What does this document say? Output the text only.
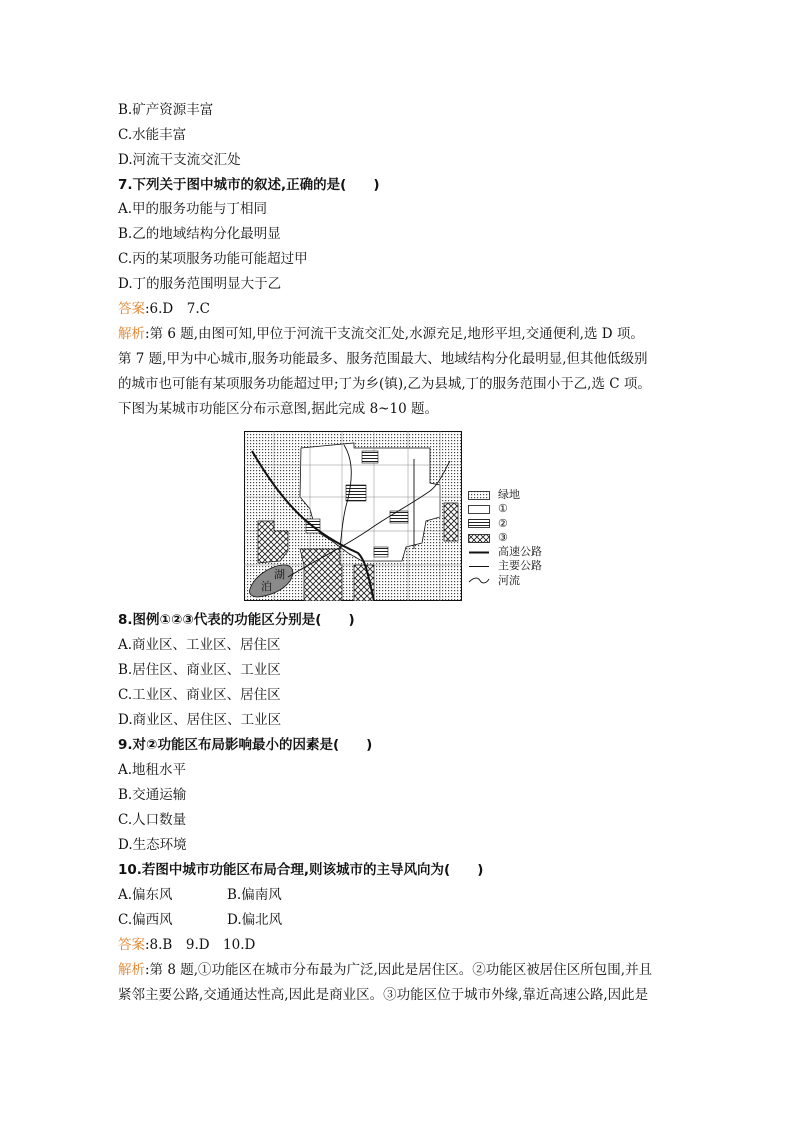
B.矿产资源丰富
C.水能丰富
D.河流干支流交汇处
7.下列关于图中城市的叙述,正确的是(　　)
A.甲的服务功能与丁相同
B.乙的地域结构分化最明显
C.丙的某项服务功能可能超过甲
D.丁的服务范围明显大于乙
答案:6.D　7.C
解析:第 6 题,由图可知,甲位于河流干支流交汇处,水源充足,地形平坦,交通便利,选 D 项。
第 7 题,甲为中心城市,服务功能最多、服务范围最大、地域结构分化最明显,但其他低级别
的城市也可能有某项服务功能超过甲;丁为乡(镇),乙为县城,丁的服务范围小于乙,选 C 项。
下图为某城市功能区分布示意图,据此完成 8~10 题。
湖
泊
绿地
①
②
③
高速公路
主要公路
河流
8.图例①②③代表的功能区分别是(　　)
A.商业区、工业区、居住区
B.居住区、商业区、工业区
C.工业区、商业区、居住区
D.商业区、居住区、工业区
9.对②功能区布局影响最小的因素是(　　)
A.地租水平
B.交通运输
C.人口数量
D.生态环境
10.若图中城市功能区布局合理,则该城市的主导风向为(　　)
A.偏东风	B.偏南风
C.偏西风	D.偏北风
答案:8.B　9.D　10.D
解析:第 8 题,①功能区在城市分布最为广泛,因此是居住区。②功能区被居住区所包围,并且
紧邻主要公路,交通通达性高,因此是商业区。③功能区位于城市外缘,靠近高速公路,因此是
